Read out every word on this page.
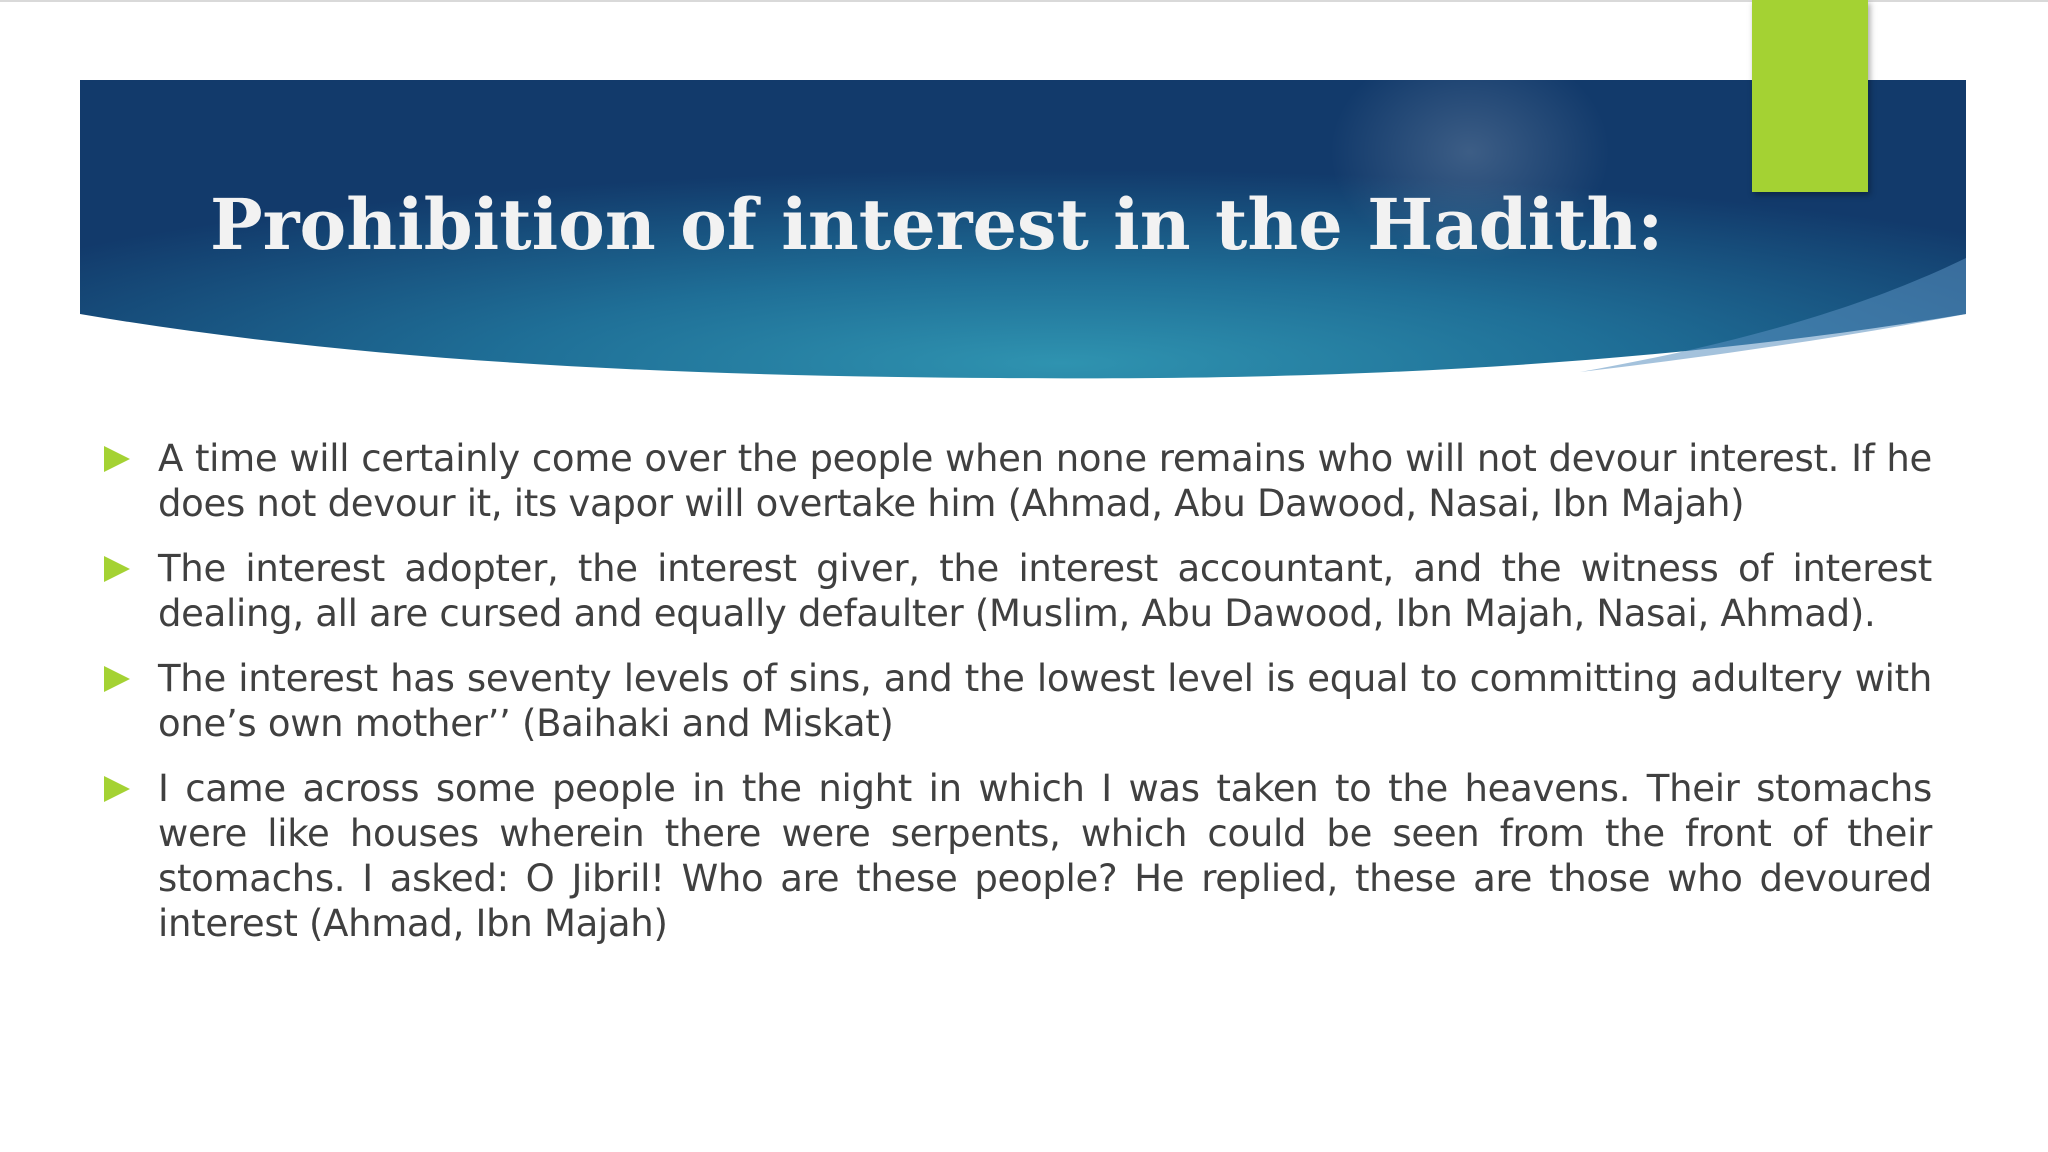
Prohibition of interest in the Hadith:
A time will certainly come over the people when none remains who will not devour interest. If he does not devour it, its vapor will overtake him (Ahmad, Abu Dawood, Nasai, Ibn Majah)
The interest adopter, the interest giver, the interest accountant, and the witness of interest dealing, all are cursed and equally defaulter (Muslim, Abu Dawood, Ibn Majah, Nasai, Ahmad).
The interest has seventy levels of sins, and the lowest level is equal to committing adultery with one’s own mother’’ (Baihaki and Miskat)
I came across some people in the night in which I was taken to the heavens. Their stomachs were like houses wherein there were serpents, which could be seen from the front of their stomachs. I asked: O Jibril! Who are these people? He replied, these are those who devoured interest (Ahmad, Ibn Majah)
